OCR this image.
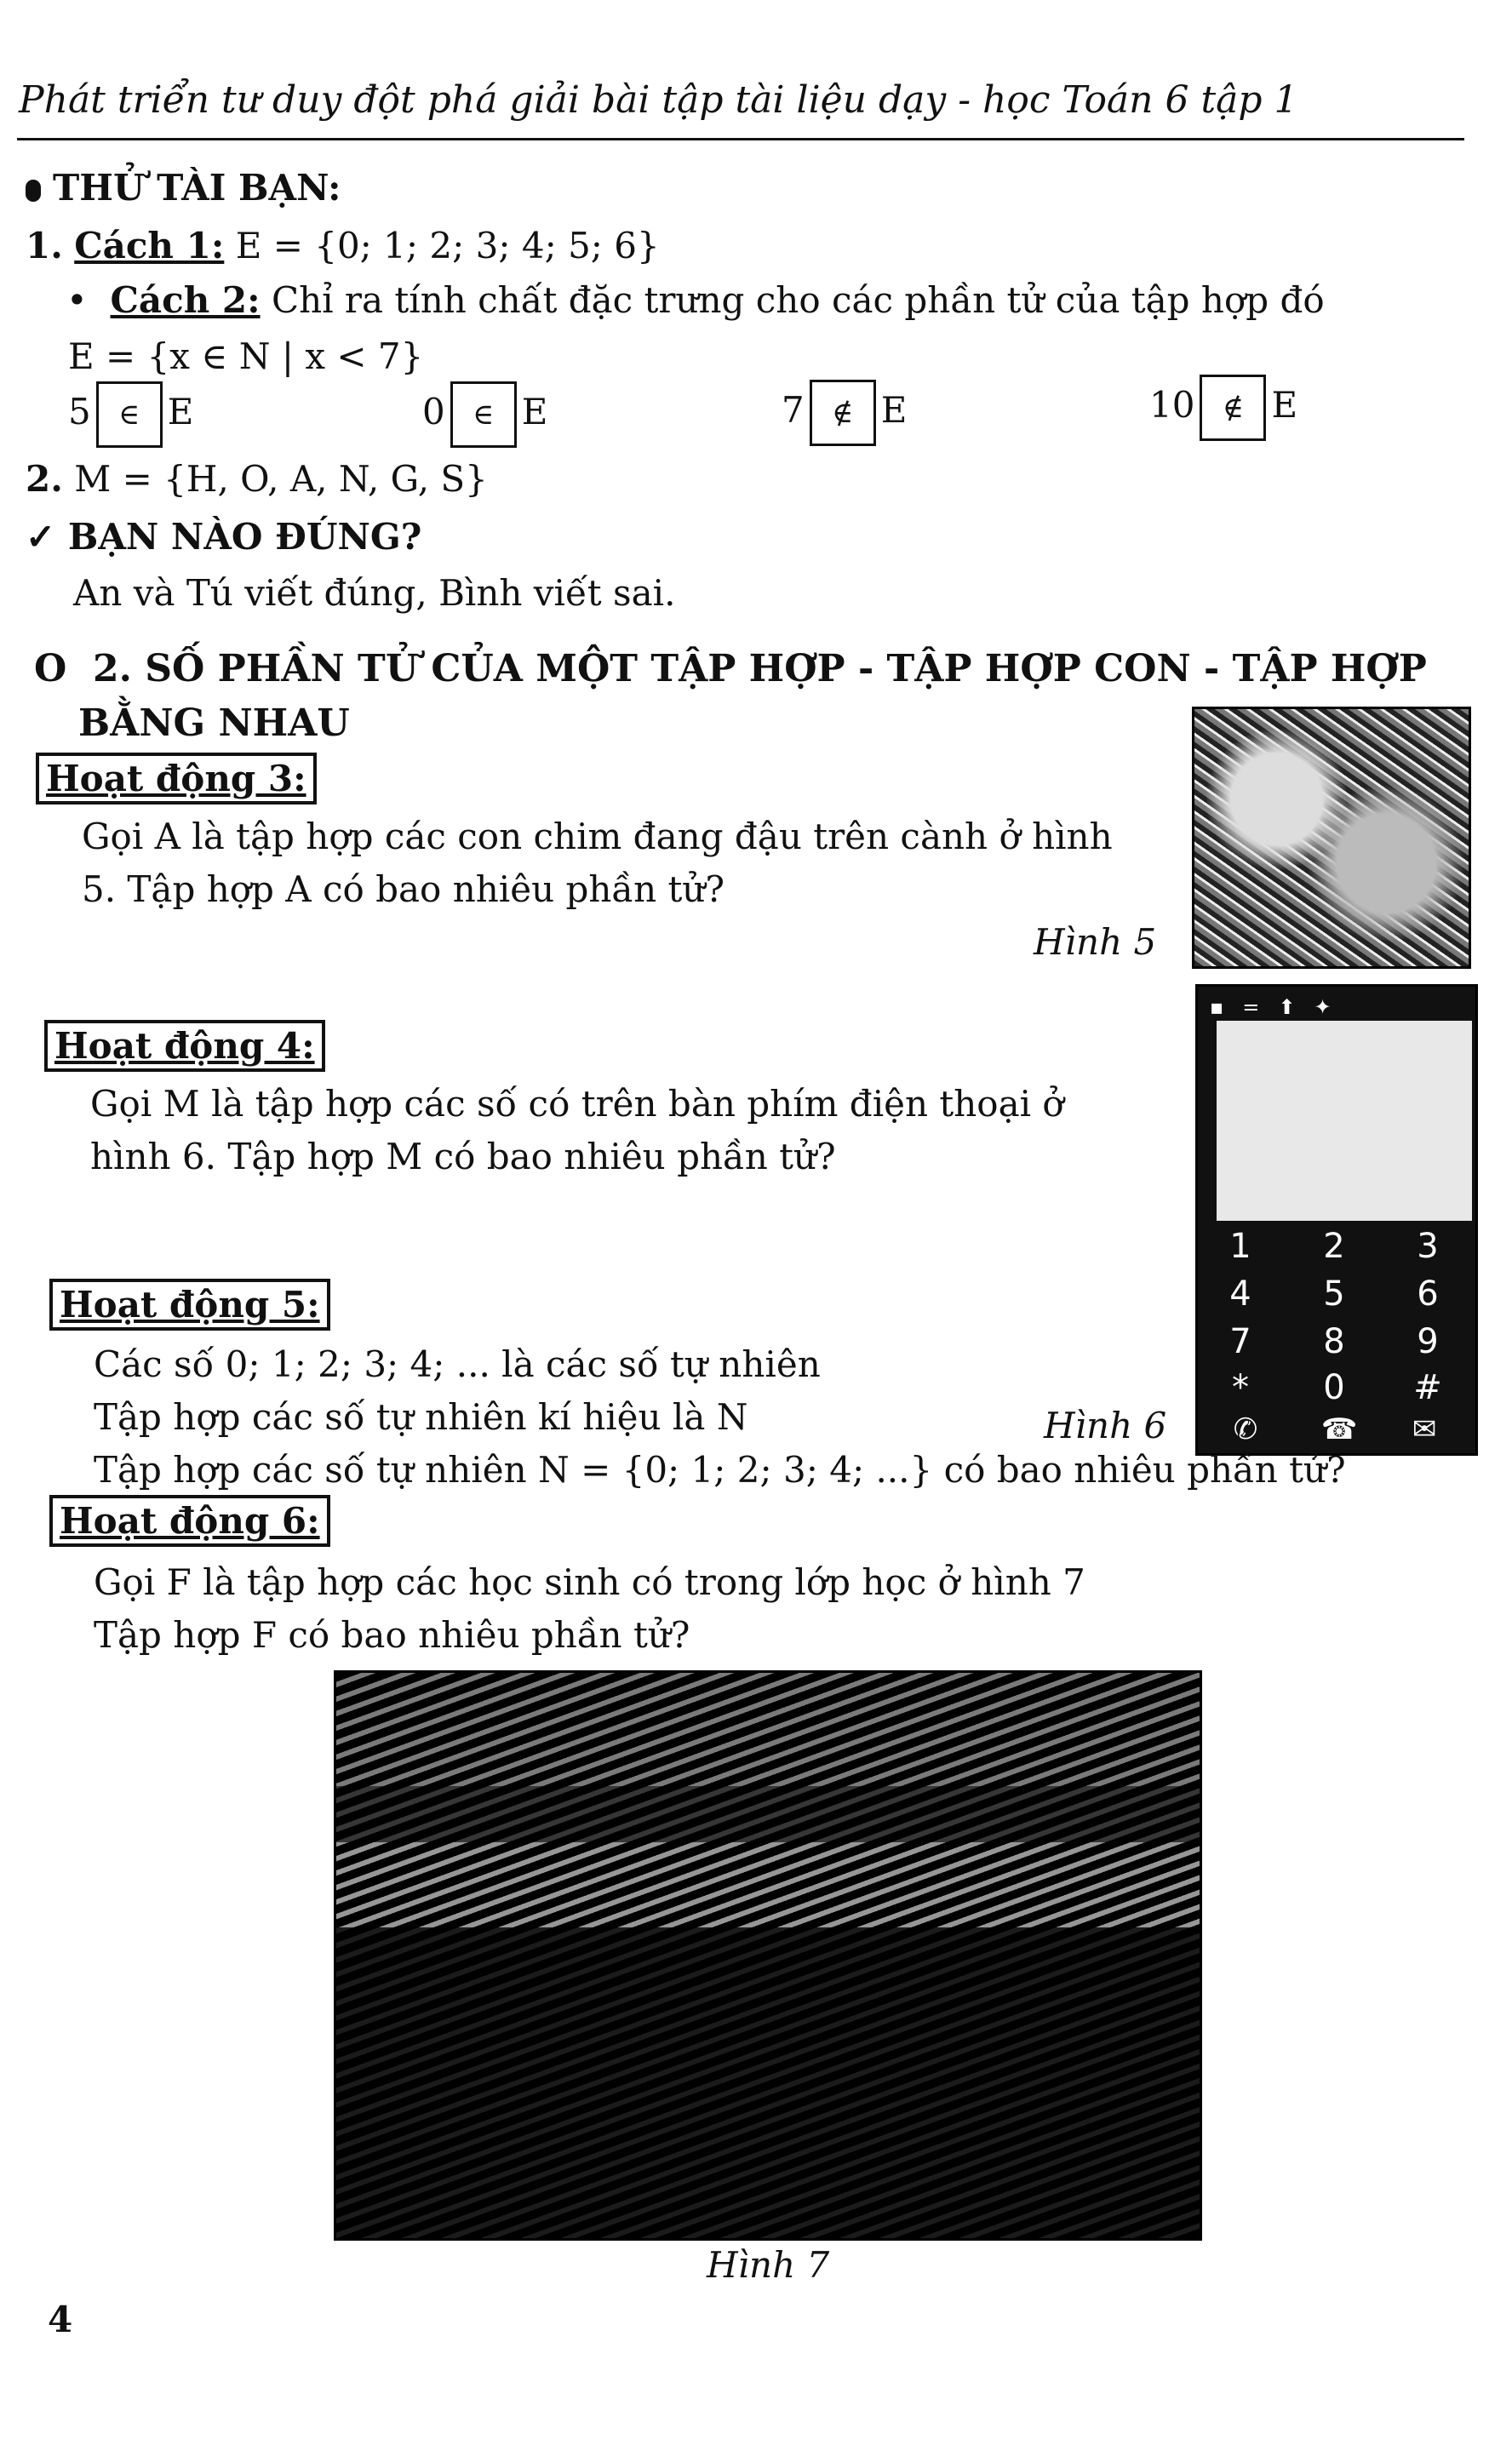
Phát triển tư duy đột phá giải bài tập tài liệu dạy - học Toán 6 tập 1
THỬ TÀI BẠN:
1. Cách 1: E = {0; 1; 2; 3; 4; 5; 6}
• Cách 2: Chỉ ra tính chất đặc trưng cho các phần tử của tập hợp đó
E = {x ∈ N | x < 7}
5 ∈ E	0 ∈ E	7 ∉ E	10 ∉ E
2. M = {H, O, A, N, G, S}
✓ BẠN NÀO ĐÚNG?
An và Tú viết đúng, Bình viết sai.
O 2. SỐ PHẦN TỬ CỦA MỘT TẬP HỢP - TẬP HỢP CON - TẬP HỢP
BẰNG NHAU
Hoạt động 3:
Gọi A là tập hợp các con chim đang đậu trên cành ở hình
5. Tập hợp A có bao nhiêu phần tử?
Hình 5
Hoạt động 4:
Gọi M là tập hợp các số có trên bàn phím điện thoại ở
hình 6. Tập hợp M có bao nhiêu phần tử?
▪=⬆✦
1	2	3
4	5	6
7	8	9
*	0	#
✆	☎	✉
Hoạt động 5:
Các số 0; 1; 2; 3; 4; ... là các số tự nhiên
Tập hợp các số tự nhiên kí hiệu là N	Hình 6
Tập hợp các số tự nhiên N = {0; 1; 2; 3; 4; ...} có bao nhiêu phần tử?
Hoạt động 6:
Gọi F là tập hợp các học sinh có trong lớp học ở hình 7
Tập hợp F có bao nhiêu phần tử?
Hình 7
4
